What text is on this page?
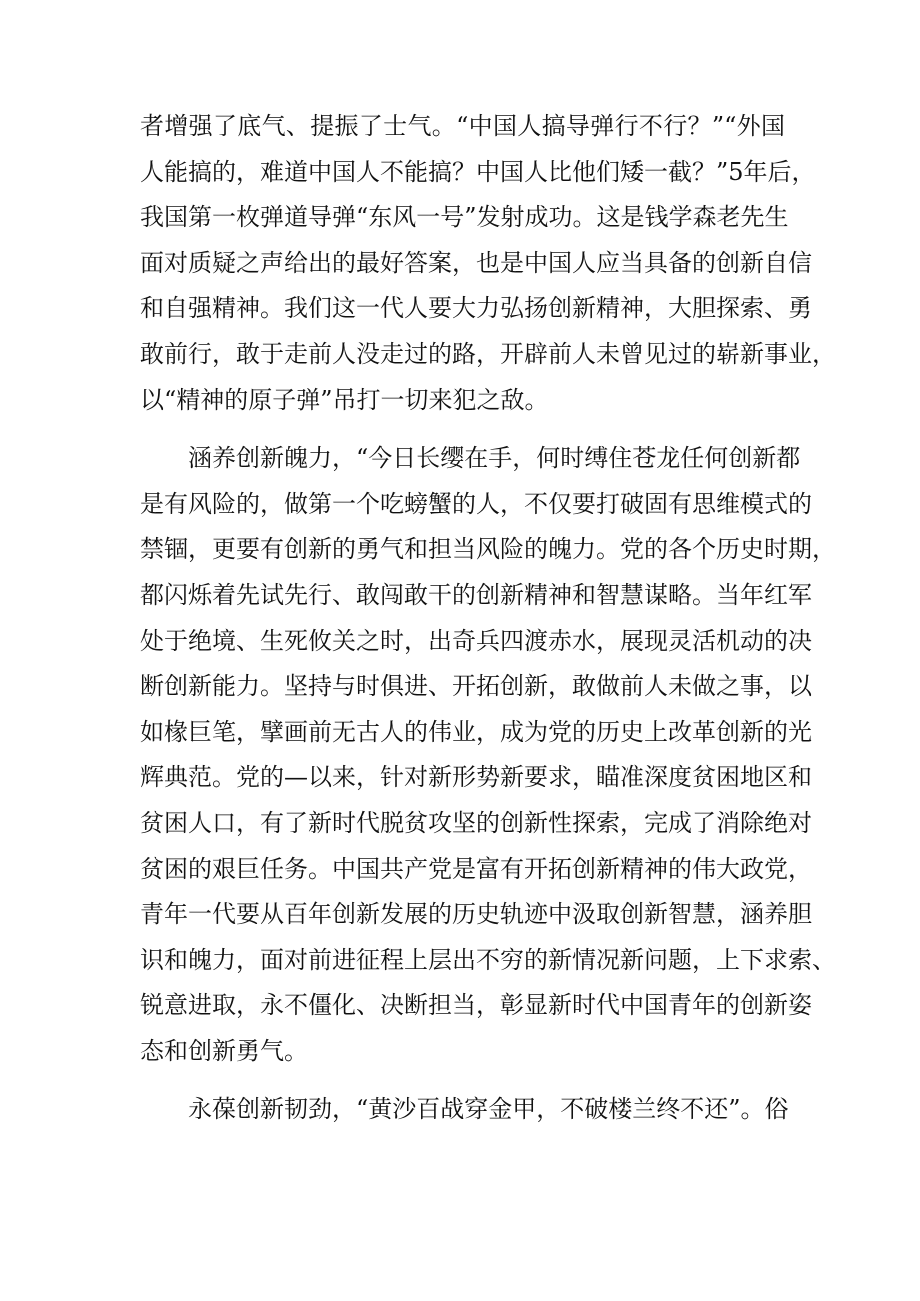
者增强了底气、提振了士气。“中国人搞导弹行不行？”“外国
人能搞的，难道中国人不能搞？中国人比他们矮一截？”5年后，
我国第一枚弹道导弹“东风一号”发射成功。这是钱学森老先生
面对质疑之声给出的最好答案，也是中国人应当具备的创新自信
和自强精神。我们这一代人要大力弘扬创新精神，大胆探索、勇
敢前行，敢于走前人没走过的路，开辟前人未曾见过的崭新事业，
以“精神的原子弹”吊打一切来犯之敌。

涵养创新魄力，“今日长缨在手，何时缚住苍龙任何创新都
是有风险的，做第一个吃螃蟹的人，不仅要打破固有思维模式的
禁锢，更要有创新的勇气和担当风险的魄力。党的各个历史时期，
都闪烁着先试先行、敢闯敢干的创新精神和智慧谋略。当年红军
处于绝境、生死攸关之时，出奇兵四渡赤水，展现灵活机动的决
断创新能力。坚持与时俱进、开拓创新，敢做前人未做之事，以
如椽巨笔，擘画前无古人的伟业，成为党的历史上改革创新的光
辉典范。党的—以来，针对新形势新要求，瞄准深度贫困地区和
贫困人口，有了新时代脱贫攻坚的创新性探索，完成了消除绝对
贫困的艰巨任务。中国共产党是富有开拓创新精神的伟大政党，
青年一代要从百年创新发展的历史轨迹中汲取创新智慧，涵养胆
识和魄力，面对前进征程上层出不穷的新情况新问题，上下求索、
锐意进取，永不僵化、决断担当，彰显新时代中国青年的创新姿
态和创新勇气。

永葆创新韧劲，“黄沙百战穿金甲，不破楼兰终不还”。俗
